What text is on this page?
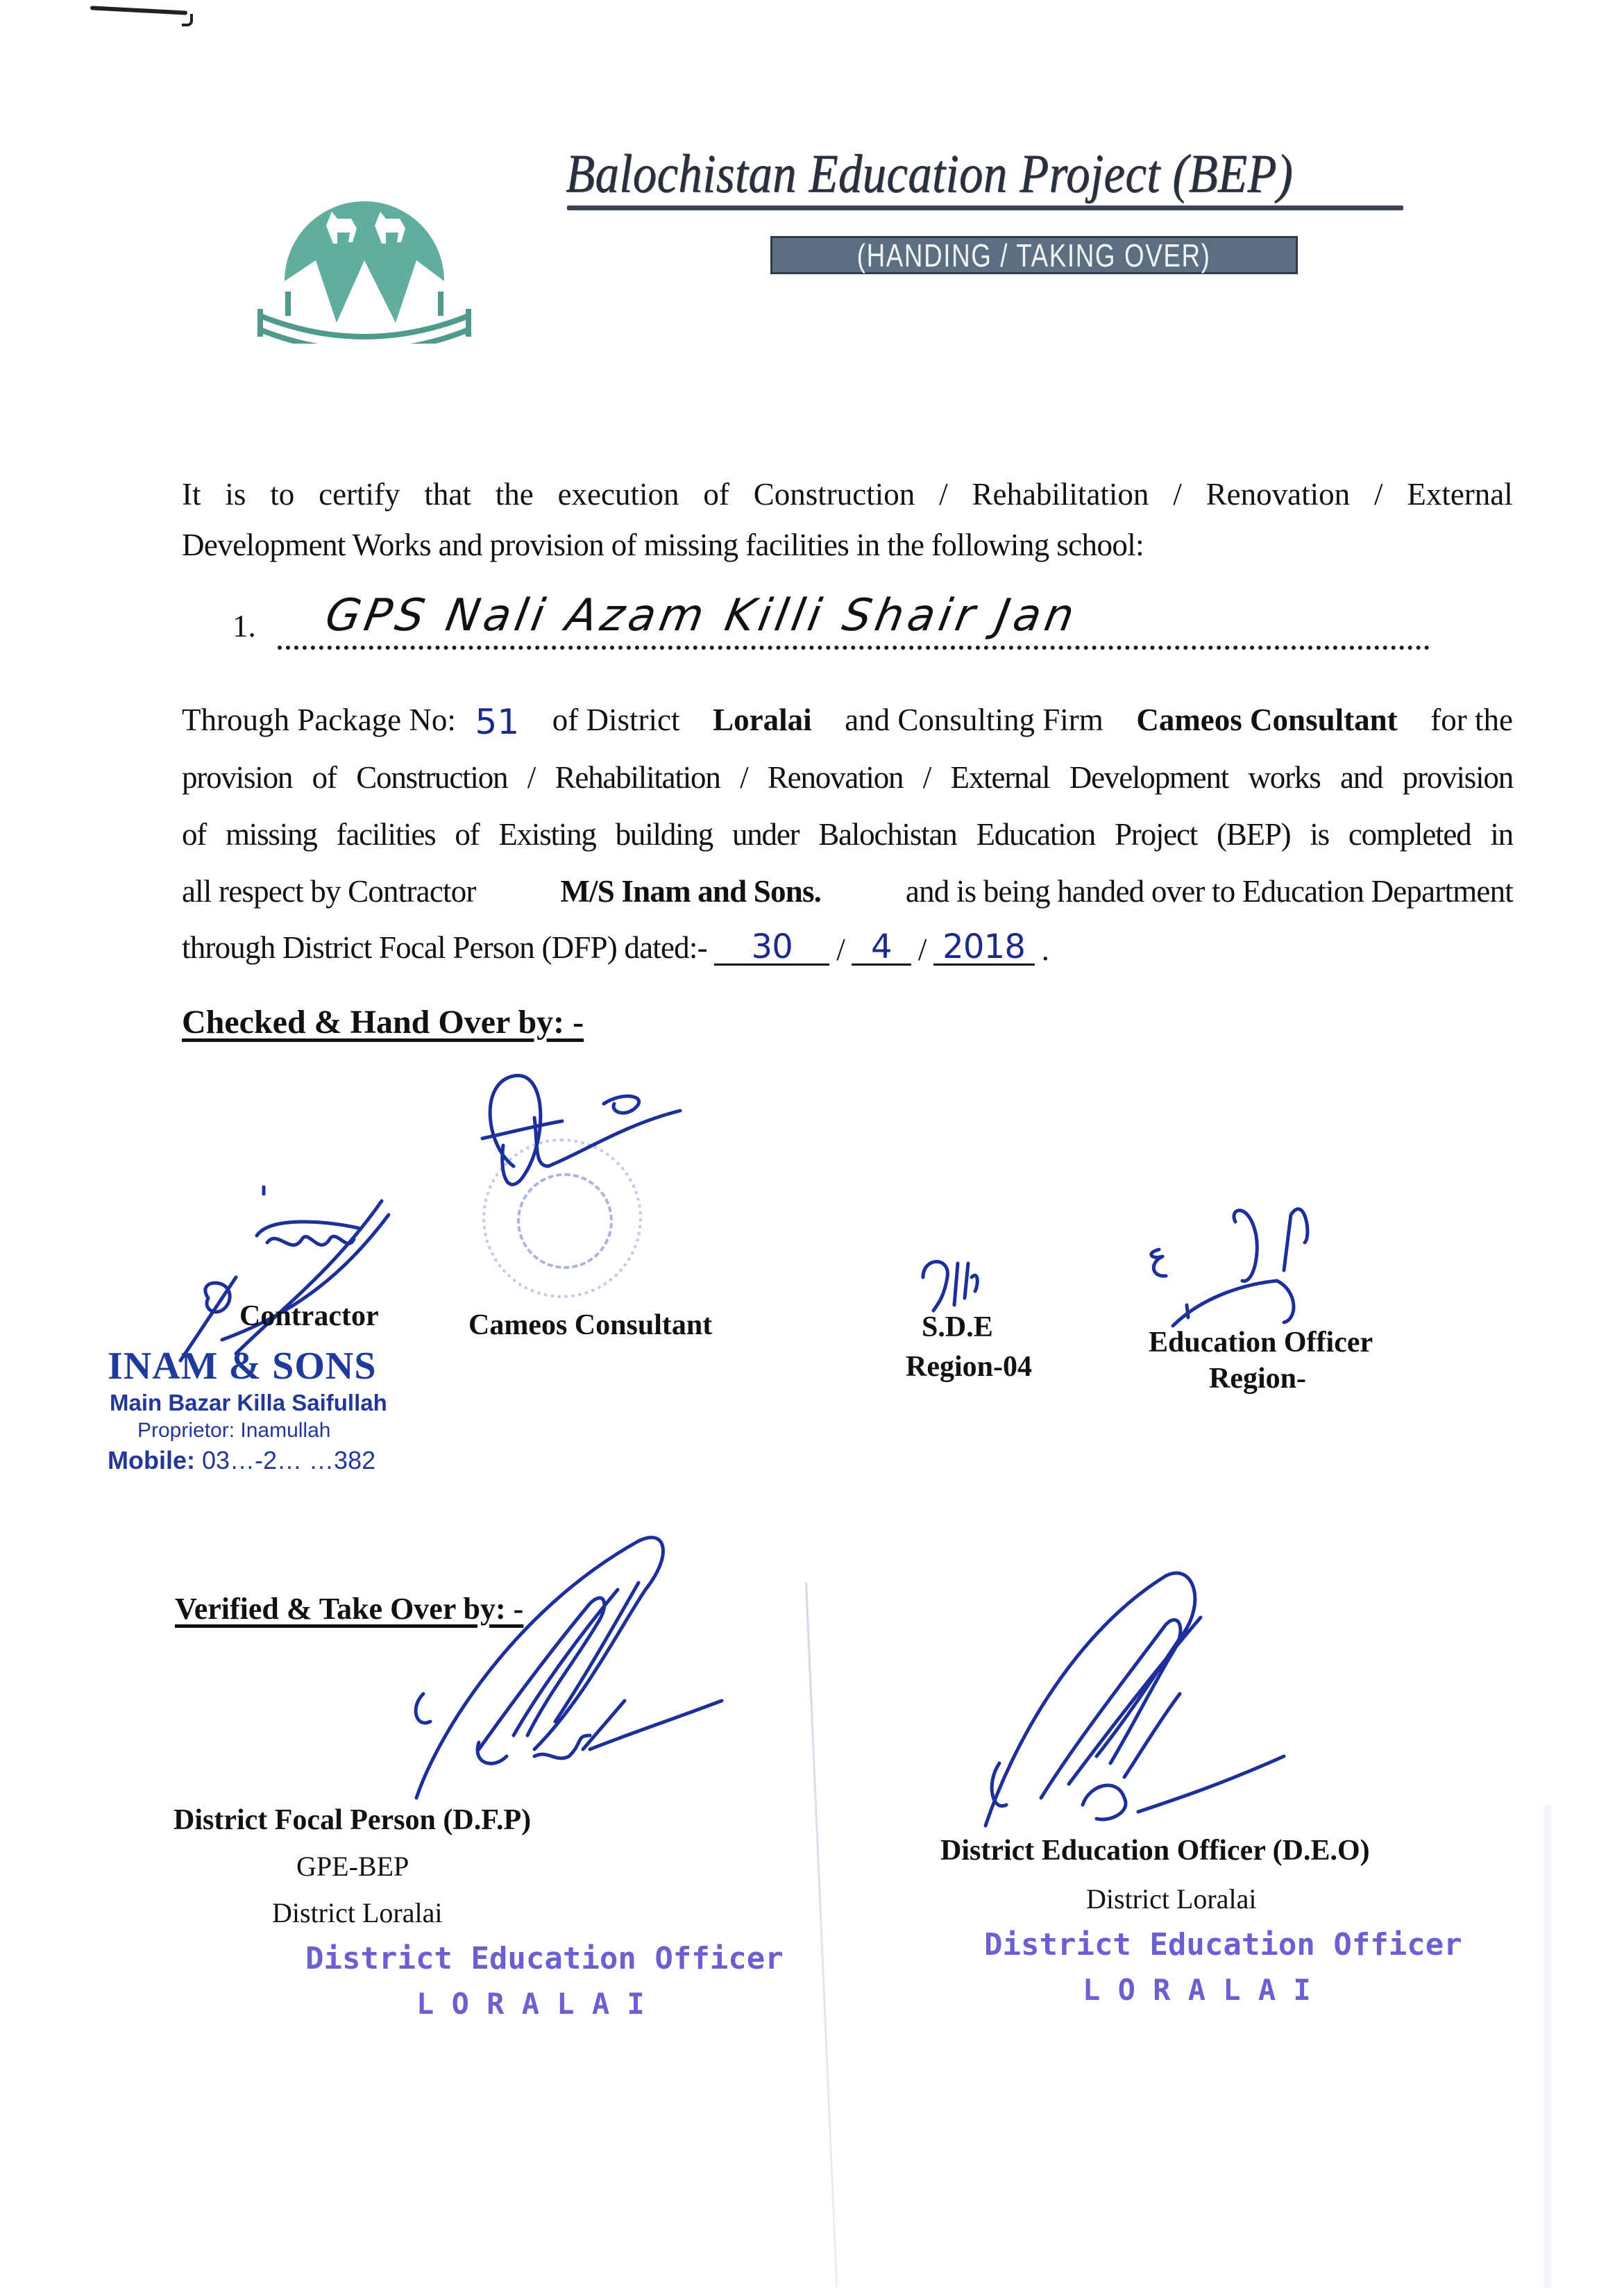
Balochistan Education Project (BEP)
(HANDING / TAKING OVER)
It is to certify that the execution of Construction / Rehabilitation / Renovation / External
Development Works and provision of missing facilities in the following school:
1. GPS Nali Azam Killi Shair Jan
Through Package No: 51 of District Loralai and Consulting Firm Cameos Consultant for the
provision of Construction / Rehabilitation / Renovation / External Development works and provision
of missing facilities of Existing building under Balochistan Education Project (BEP) is completed in
all respect by Contractor	M/S Inam and Sons.	and is being handed over to Education Department
through District Focal Person (DFP) dated:-	30	/ 4 / 2018 .
Checked & Hand Over by: -
Cameos Consultant
Contractor
INAM & SONS
Main Bazar Killa Saifullah
Proprietor: Inamullah
Mobile: 03…-2… …382
S.D.E
Region-04
Education Officer
Region-
Verified & Take Over by: -
District Focal Person (D.F.P)
GPE-BEP
District Loralai
District Education Officer
L O R A L A I
District Education Officer (D.E.O)
District Loralai
District Education Officer
L O R A L A I
